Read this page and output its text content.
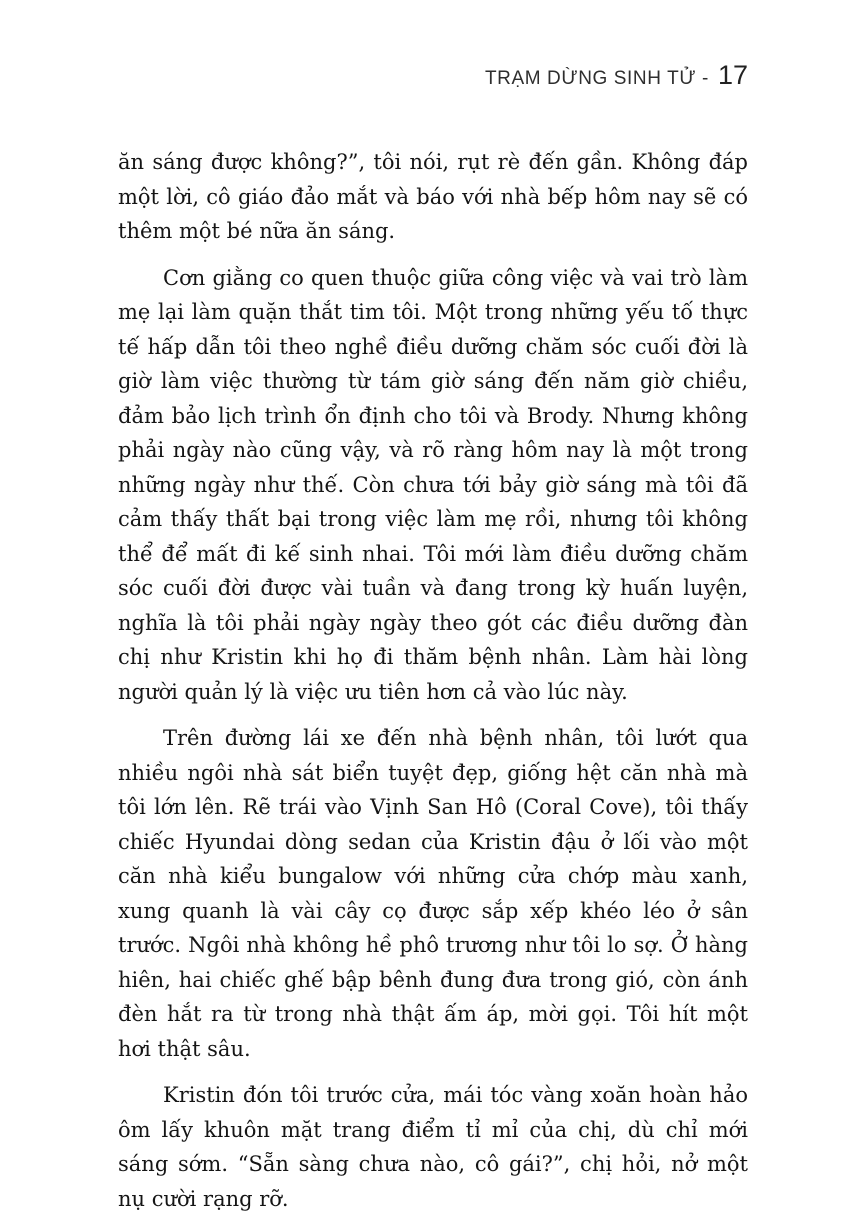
TRẠM DỪNG SINH TỬ - 17

ăn sáng được không?”, tôi nói, rụt rè đến gần. Không đáp một lời, cô giáo đảo mắt và báo với nhà bếp hôm nay sẽ có thêm một bé nữa ăn sáng.

Cơn giằng co quen thuộc giữa công việc và vai trò làm mẹ lại làm quặn thắt tim tôi. Một trong những yếu tố thực tế hấp dẫn tôi theo nghề điều dưỡng chăm sóc cuối đời là giờ làm việc thường từ tám giờ sáng đến năm giờ chiều, đảm bảo lịch trình ổn định cho tôi và Brody. Nhưng không phải ngày nào cũng vậy, và rõ ràng hôm nay là một trong những ngày như thế. Còn chưa tới bảy giờ sáng mà tôi đã cảm thấy thất bại trong việc làm mẹ rồi, nhưng tôi không thể để mất đi kế sinh nhai. Tôi mới làm điều dưỡng chăm sóc cuối đời được vài tuần và đang trong kỳ huấn luyện, nghĩa là tôi phải ngày ngày theo gót các điều dưỡng đàn chị như Kristin khi họ đi thăm bệnh nhân. Làm hài lòng người quản lý là việc ưu tiên hơn cả vào lúc này.

Trên đường lái xe đến nhà bệnh nhân, tôi lướt qua nhiều ngôi nhà sát biển tuyệt đẹp, giống hệt căn nhà mà tôi lớn lên. Rẽ trái vào Vịnh San Hô (Coral Cove), tôi thấy chiếc Hyundai dòng sedan của Kristin đậu ở lối vào một căn nhà kiểu bungalow với những cửa chớp màu xanh, xung quanh là vài cây cọ được sắp xếp khéo léo ở sân trước. Ngôi nhà không hề phô trương như tôi lo sợ. Ở hàng hiên, hai chiếc ghế bập bênh đung đưa trong gió, còn ánh đèn hắt ra từ trong nhà thật ấm áp, mời gọi. Tôi hít một hơi thật sâu.

Kristin đón tôi trước cửa, mái tóc vàng xoăn hoàn hảo ôm lấy khuôn mặt trang điểm tỉ mỉ của chị, dù chỉ mới sáng sớm. “Sẵn sàng chưa nào, cô gái?”, chị hỏi, nở một nụ cười rạng rỡ.
